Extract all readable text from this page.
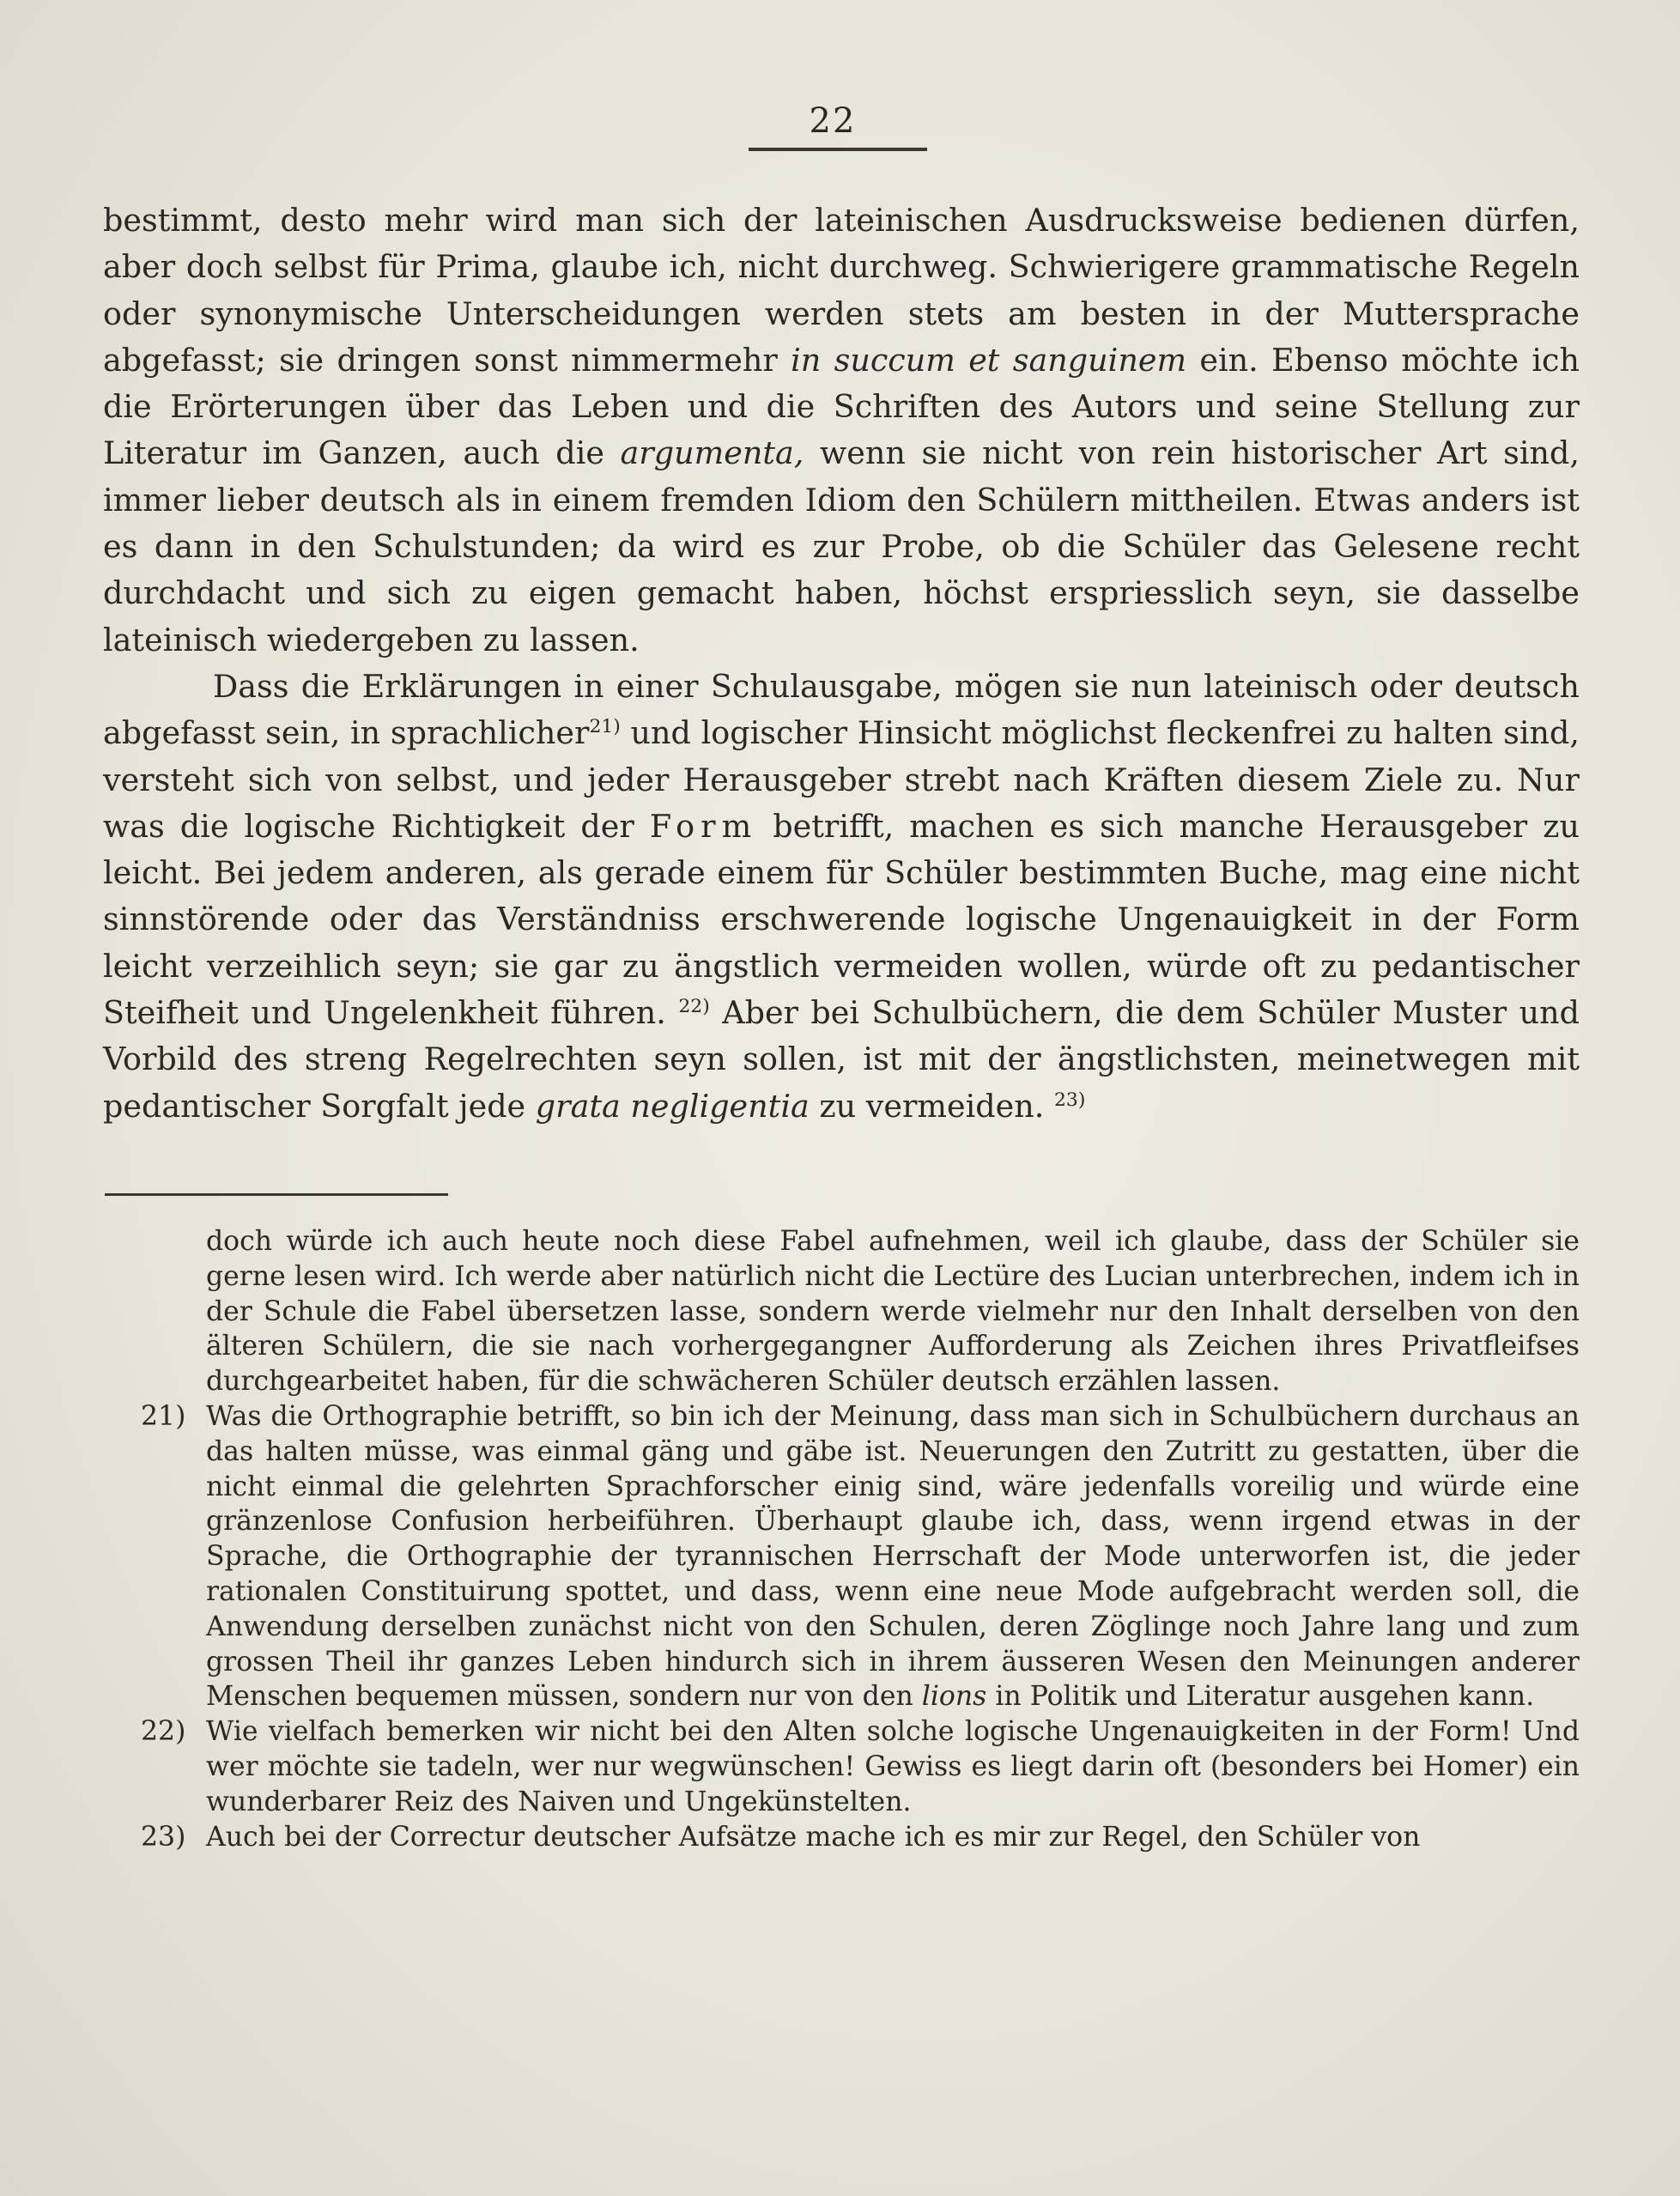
22

bestimmt, desto mehr wird man sich der lateinischen Ausdrucksweise bedienen dürfen, aber doch selbst für Prima, glaube ich, nicht durchweg. Schwierigere grammatische Regeln oder synonymische Unterscheidungen werden stets am besten in der Muttersprache abgefasst; sie dringen sonst nimmermehr in succum et sanguinem ein. Ebenso möchte ich die Erörterungen über das Leben und die Schriften des Autors und seine Stellung zur Literatur im Ganzen, auch die argumenta, wenn sie nicht von rein historischer Art sind, immer lieber deutsch als in einem fremden Idiom den Schülern mittheilen. Etwas anders ist es dann in den Schulstunden; da wird es zur Probe, ob die Schüler das Gelesene recht durchdacht und sich zu eigen gemacht haben, höchst erspriesslich seyn, sie dasselbe lateinisch wiedergeben zu lassen.

Dass die Erklärungen in einer Schulausgabe, mögen sie nun lateinisch oder deutsch abgefasst sein, in sprachlicher$^{21)}$ und logischer Hinsicht möglichst fleckenfrei zu halten sind, versteht sich von selbst, und jeder Herausgeber strebt nach Kräften diesem Ziele zu. Nur was die logische Richtigkeit der Form betrifft, machen es sich manche Herausgeber zu leicht. Bei jedem anderen, als gerade einem für Schüler bestimmten Buche, mag eine nicht sinnstörende oder das Verständniss erschwerende logische Ungenauigkeit in der Form leicht verzeihlich seyn; sie gar zu ängstlich vermeiden wollen, würde oft zu pedantischer Steifheit und Ungelenkheit führen. $^{22)}$ Aber bei Schulbüchern, die dem Schüler Muster und Vorbild des streng Regelrechten seyn sollen, ist mit der ängstlichsten, meinetwegen mit pedantischer Sorgfalt jede grata negligentia zu vermeiden. $^{23)}$

doch würde ich auch heute noch diese Fabel aufnehmen, weil ich glaube, dass der Schüler sie gerne lesen wird. Ich werde aber natürlich nicht die Lectüre des Lucian unterbrechen, indem ich in der Schule die Fabel übersetzen lasse, sondern werde vielmehr nur den Inhalt derselben von den älteren Schülern, die sie nach vorhergegangner Aufforderung als Zeichen ihres Privatfleifses durchgearbeitet haben, für die schwächeren Schüler deutsch erzählen lassen.

21) Was die Orthographie betrifft, so bin ich der Meinung, dass man sich in Schulbüchern durchaus an das halten müsse, was einmal gäng und gäbe ist. Neuerungen den Zutritt zu gestatten, über die nicht einmal die gelehrten Sprachforscher einig sind, wäre jedenfalls voreilig und würde eine gränzenlose Confusion herbeiführen. Überhaupt glaube ich, dass, wenn irgend etwas in der Sprache, die Orthographie der tyrannischen Herrschaft der Mode unterworfen ist, die jeder rationalen Constituirung spottet, und dass, wenn eine neue Mode aufgebracht werden soll, die Anwendung derselben zunächst nicht von den Schulen, deren Zöglinge noch Jahre lang und zum grossen Theil ihr ganzes Leben hindurch sich in ihrem äusseren Wesen den Meinungen anderer Menschen bequemen müssen, sondern nur von den lions in Politik und Literatur ausgehen kann.

22) Wie vielfach bemerken wir nicht bei den Alten solche logische Ungenauigkeiten in der Form! Und wer möchte sie tadeln, wer nur wegwünschen! Gewiss es liegt darin oft (besonders bei Homer) ein wunderbarer Reiz des Naiven und Ungekünstelten.

23) Auch bei der Correctur deutscher Aufsätze mache ich es mir zur Regel, den Schüler von
